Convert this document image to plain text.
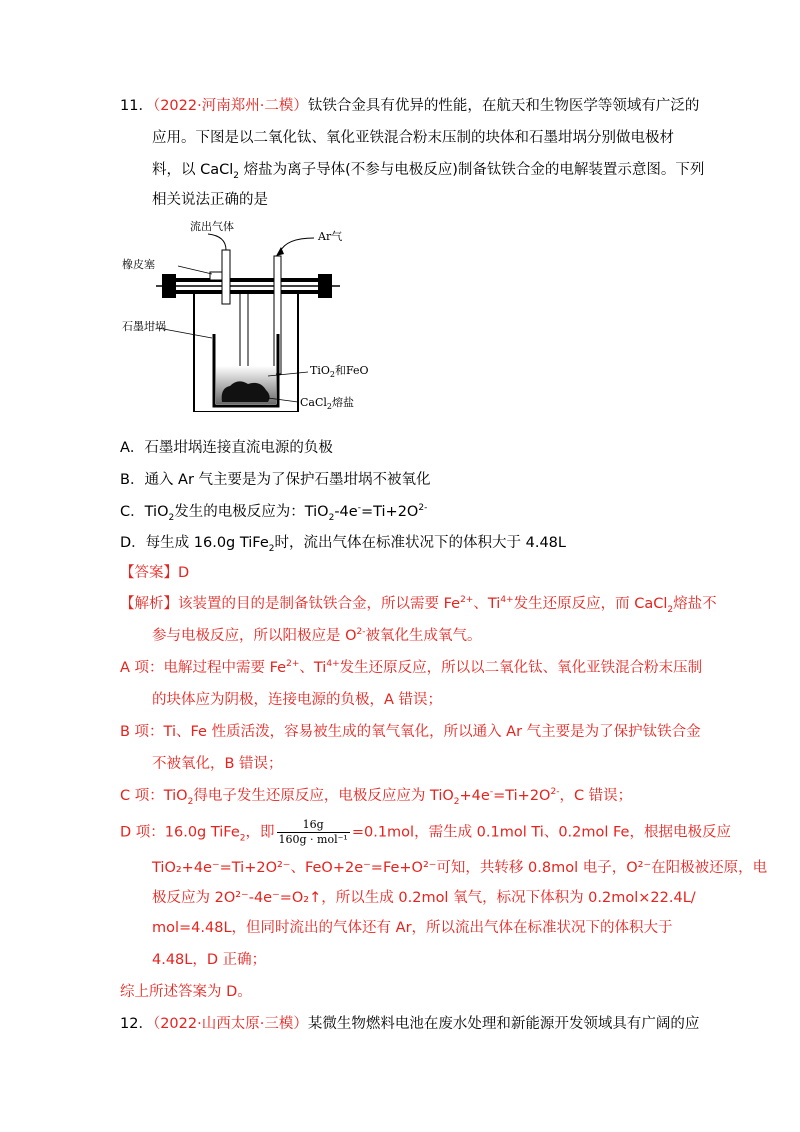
11．（2022·河南郑州·二模）钛铁合金具有优异的性能，在航天和生物医学等领域有广泛的
应用。下图是以二氧化钛、氧化亚铁混合粉末压制的块体和石墨坩埚分别做电极材
料，以 CaCl$_2$ 熔盐为离子导体(不参与电极反应)制备钛铁合金的电解装置示意图。下列
相关说法正确的是
流出气体
Ar气
橡皮塞
石墨坩埚
TiO$_2$和FeO
CaCl$_2$熔盐
A．石墨坩埚连接直流电源的负极
B．通入 Ar 气主要是为了保护石墨坩埚不被氧化
C．TiO$_2$发生的电极反应为：$TiO_2-4e^-=Ti+2O^{2-}$
D．每生成 16.0g TiFe$_2$时，流出气体在标准状况下的体积大于 4.48L
【答案】D
【解析】该装置的目的是制备钛铁合金，所以需要 $Fe^{2+}$、$Ti^{4+}$发生还原反应，而 CaCl$_2$熔盐不
参与电极反应，所以阳极应是 $O^{2-}$被氧化生成氧气。
A 项：电解过程中需要 $Fe^{2+}$、$Ti^{4+}$发生还原反应，所以以二氧化钛、氧化亚铁混合粉末压制
的块体应为阴极，连接电源的负极，A 错误；
B 项：Ti、Fe 性质活泼，容易被生成的氧气氧化，所以通入 Ar 气主要是为了保护钛铁合金
不被氧化，B 错误；
C 项：TiO$_2$得电子发生还原反应，电极反应应为 $TiO_2+4e^-=Ti+2O^{2-}$，C 错误；
D 项：16.0g TiFe$_2$，即 $\frac{16g}{\text{160g · mol⁻¹}} =0.1mol$，需生成 0.1mol Ti、0.2mol Fe，根据电极反应
TiO₂+4e⁻=Ti+2O²⁻、FeO+2e⁻=Fe+O²⁻可知，共转移 0.8mol 电子，O²⁻在阳极被还原，电
极反应为 2O²⁻-4e⁻=O₂↑，所以生成 0.2mol 氧气，标况下体积为 0.2mol×22.4L/
mol=4.48L，但同时流出的气体还有 Ar，所以流出气体在标准状况下的体积大于
4.48L，D 正确；
综上所述答案为 D。
12．（2022·山西太原·三模）某微生物燃料电池在废水处理和新能源开发领域具有广阔的应
